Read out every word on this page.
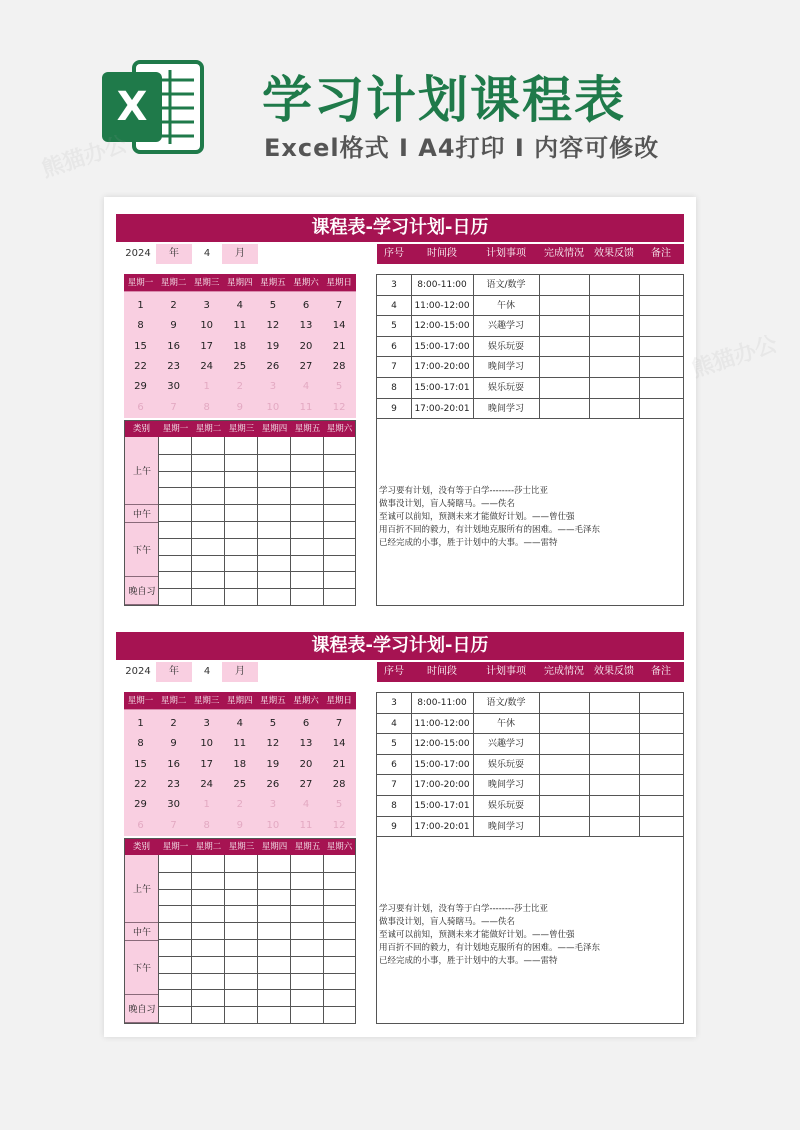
X 学习计划课程表
Excel格式 I A4打印 I 内容可修改
课程表-学习计划-日历
2024	年	4	月	序号	时间段	计划事项	完成情况	效果反馈	备注
星期一 星期二 星期三 星期四 星期五 星期六 星期日
1	2	3	4	5	6	7
8	9	10	11	12	13	14
15	16	17	18	19	20	21
22	23	24	25	26	27	28
29	30	1	2	3	4	5
6	7	8	9	10	11	12
类别	星期一 星期二 星期三 星期四 星期五 星期六
上午
中午
下午
晚自习
3	8:00-11:00	语文/数学
4	11:00-12:00	午休
5	12:00-15:00	兴趣学习
6	15:00-17:00	娱乐玩耍
7	17:00-20:00	晚间学习
8	15:00-17:01	娱乐玩耍
9	17:00-20:01	晚间学习
学习要有计划，没有等于白学--------莎士比亚
做事没计划，盲人骑瞎马。——佚名
至诚可以前知，预测未来才能做好计划。——曾仕强
用百折不回的毅力，有计划地克服所有的困难。——毛泽东
已经完成的小事，胜于计划中的大事。——雷特
课程表-学习计划-日历
2024	年	4	月	序号	时间段	计划事项	完成情况	效果反馈	备注
星期一 星期二 星期三 星期四 星期五 星期六 星期日
1	2	3	4	5	6	7
8	9	10	11	12	13	14
15	16	17	18	19	20	21
22	23	24	25	26	27	28
29	30	1	2	3	4	5
6	7	8	9	10	11	12
类别	星期一 星期二 星期三 星期四 星期五 星期六
上午
中午
下午
晚自习
3	8:00-11:00	语文/数学
4	11:00-12:00	午休
5	12:00-15:00	兴趣学习
6	15:00-17:00	娱乐玩耍
7	17:00-20:00	晚间学习
8	15:00-17:01	娱乐玩耍
9	17:00-20:01	晚间学习
学习要有计划，没有等于白学--------莎士比亚
做事没计划，盲人骑瞎马。——佚名
至诚可以前知，预测未来才能做好计划。——曾仕强
用百折不回的毅力，有计划地克服所有的困难。——毛泽东
已经完成的小事，胜于计划中的大事。——雷特
熊猫办公
熊猫办公
